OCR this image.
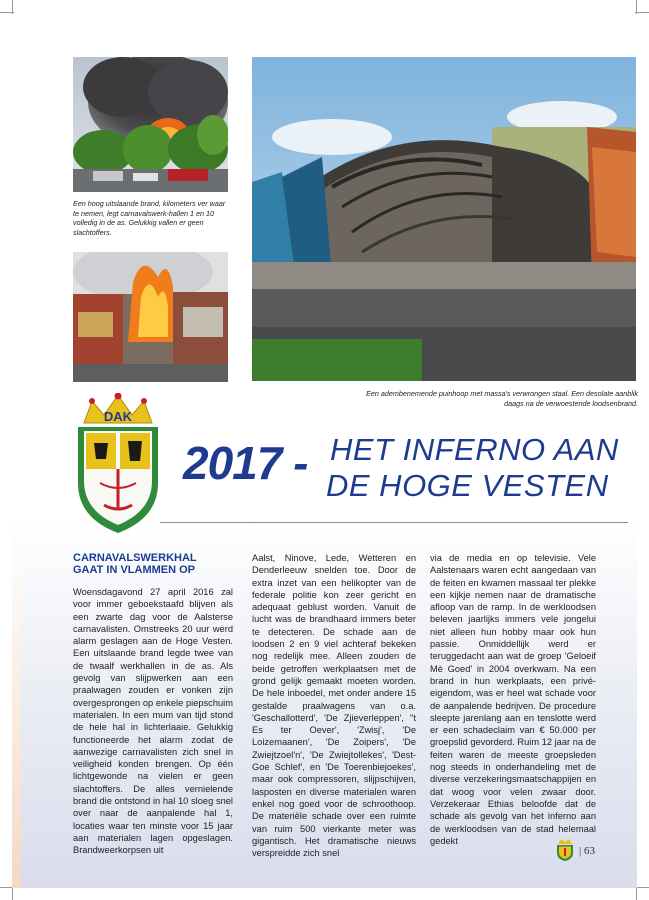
Een hoog uitslaande brand, kilometers ver waar te nemen, legt carnavalswerk-hallen 1 en 10 volledig in de as. Gelukkig vallen er geen slachtoffers.
Een adembenemende puinhoop met massa's verwrongen staal. Een desolate aanblik daags na de verwoestende loodsenbrand.
DAK
2017 - HET INFERNO AAN
DE HOGE VESTEN
CARNAVALSWERKHAL
GAAT IN VLAMMEN OP

Woensdagavond 27 april 2016 zal voor immer geboekstaafd blijven als een zwarte dag voor de Aalsterse carnavalisten. Omstreeks 20 uur werd alarm geslagen aan de Hoge Vesten. Een uitslaande brand legde twee van de twaalf werkhallen in de as. Als gevolg van slijpwerken aan een praalwagen zouden er vonken zijn overgesprongen op enkele piepschuim materialen. In een mum van tijd stond de hele hal in lichterlaaie. Gelukkig functioneerde het alarm zodat de aanwezige carnavalisten zich snel in veiligheid konden brengen. Op één lichtgewonde na vielen er geen slachtoffers. De alles vernielende brand die ontstond in hal 10 sloeg snel over naar de aanpalende hal 1, locaties waar ten minste voor 15 jaar aan materialen lagen opgeslagen. Brandweerkorpsen uit

Aalst, Ninove, Lede, Wetteren en Denderleeuw snelden toe. Door de extra inzet van een helikopter van de federale politie kon zeer gericht en adequaat geblust worden. Vanuit de lucht was de brandhaard immers beter te detecteren. De schade aan de loodsen 2 en 9 viel achteraf bekeken nog redelijk mee. Alleen zouden de beide getroffen werkplaatsen met de grond gelijk gemaakt moeten worden. De hele inboedel, met onder andere 15 gestalde praalwagens van o.a. 'Geschallotterd', 'De Zjieverleppen', ''t Es ter Oever', 'Zwisj', 'De Loizemaanen', 'De Zoipers', 'De Zwiejtzoel'n', 'De Zwiejtollekes', 'Dest-Goe Schlef', en 'De Toerenbiejoekes', maar ook compressoren, slijpschijven, lasposten en diverse materialen waren enkel nog goed voor de schroothoop. De materiële schade over een ruimte van ruim 500 vierkante meter was gigantisch. Het dramatische nieuws verspreidde zich snel

via de media en op televisie. Vele Aalstenaars waren echt aangedaan van de feiten en kwamen massaal ter plekke een kijkje nemen naar de dramatische afloop van de ramp. In de werkloodsen beleven jaarlijks immers vele jongelui niet alleen hun hobby maar ook hun passie. Onmiddellijk werd er teruggedacht aan wat de groep 'Geloeif Mè Goed' in 2004 overkwam. Na een brand in hun werkplaats, een privé-eigendom, was er heel wat schade voor de aanpalende bedrijven. De procedure sleepte jarenlang aan en tenslotte werd er een schadeclaim van € 50.000 per groepslid gevorderd. Ruim 12 jaar na de feiten waren de meeste groepsleden nog steeds in onderhandeling met de diverse verzekeringsmaatschappijen en dat woog voor velen zwaar door. Verzekeraar Ethias beloofde dat de schade als gevolg van het inferno aan de werkloodsen van de stad helemaal gedekt

| 63
